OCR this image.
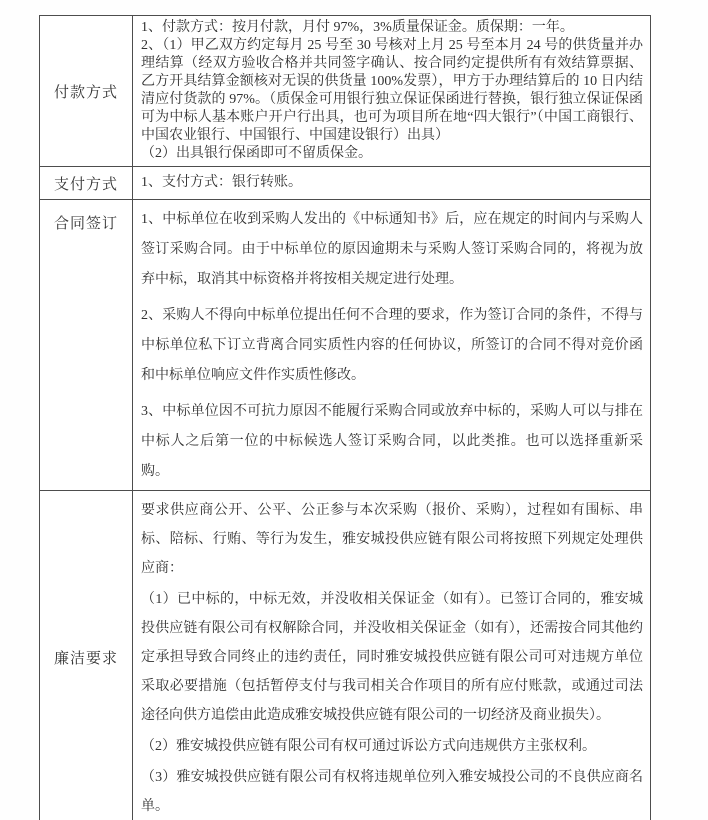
付款方式	1、付款方式：按月付款，月付 97%，3%质量保证金。质保期：一年。

2、（1）甲乙双方约定每月 25 号至 30 号核对上月 25 号至本月 24 号的供货量并办理结算（经双方验收合格并共同签字确认、按合同约定提供所有有效结算票据、乙方开具结算金额核对无误的供货量 100%发票），甲方于办理结算后的 10 日内结清应付货款的 97%。（质保金可用银行独立保证保函进行替换，银行独立保证保函可为中标人基本账户开户行出具，也可为项目所在地“四大银行”（中国工商银行、中国农业银行、中国银行、中国建设银行）出具）

（2）出具银行保函即可不留质保金。

支付方式	1、支付方式：银行转账。

合同签订	1、中标单位在收到采购人发出的《中标通知书》后，应在规定的时间内与采购人签订采购合同。由于中标单位的原因逾期未与采购人签订采购合同的，将视为放弃中标，取消其中标资格并将按相关规定进行处理。

2、采购人不得向中标单位提出任何不合理的要求，作为签订合同的条件，不得与中标单位私下订立背离合同实质性内容的任何协议，所签订的合同不得对竞价函和中标单位响应文件作实质性修改。

3、中标单位因不可抗力原因不能履行采购合同或放弃中标的，采购人可以与排在中标人之后第一位的中标候选人签订采购合同，以此类推。也可以选择重新采购。

廉洁要求	要求供应商公开、公平、公正参与本次采购（报价、采购），过程如有围标、串标、陪标、行贿、等行为发生，雅安城投供应链有限公司将按照下列规定处理供应商：

（1）已中标的，中标无效，并没收相关保证金（如有）。已签订合同的，雅安城投供应链有限公司有权解除合同，并没收相关保证金（如有），还需按合同其他约定承担导致合同终止的违约责任，同时雅安城投供应链有限公司可对违规方单位采取必要措施（包括暂停支付与我司相关合作项目的所有应付账款，或通过司法途径向供方追偿由此造成雅安城投供应链有限公司的一切经济及商业损失）。

（2）雅安城投供应链有限公司有权可通过诉讼方式向违规供方主张权利。

（3）雅安城投供应链有限公司有权将违规单位列入雅安城投公司的不良供应商名单。
